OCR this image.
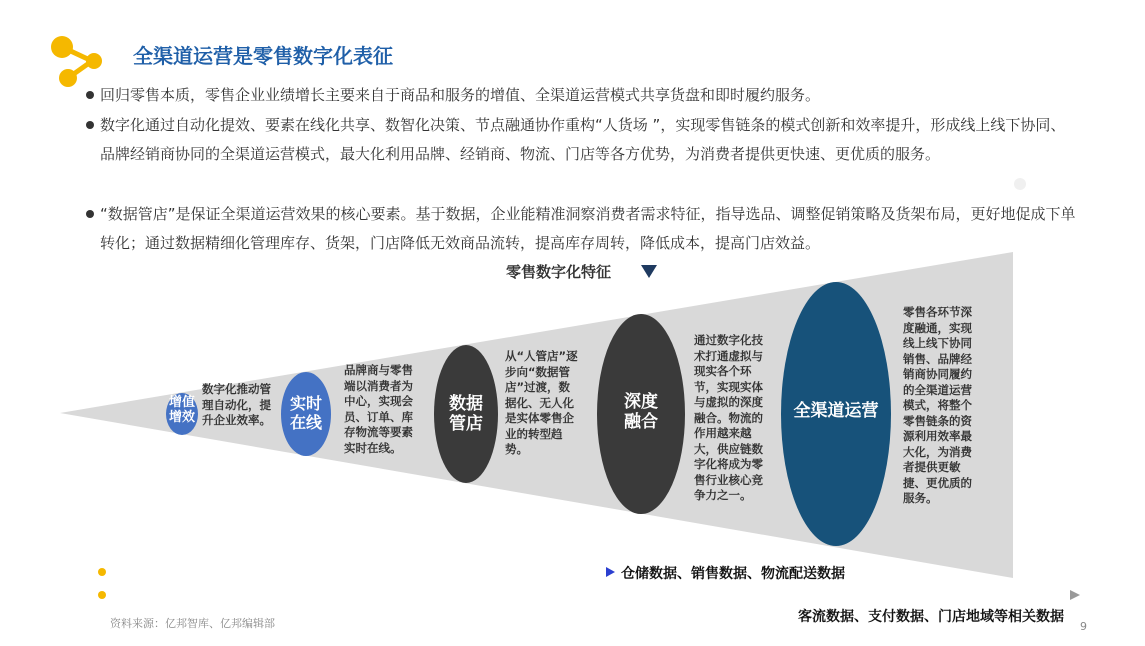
全渠道运营是零售数字化表征
回归零售本质，零售企业业绩增长主要来自于商品和服务的增值、全渠道运营模式共享货盘和即时履约服务。
数字化通过自动化提效、要素在线化共享、数智化决策、节点融通协作重构“人货场 ”，实现零售链条的模式创新和效率提升，形成线上线下协同、品牌经销商协同的全渠道运营模式，最大化利用品牌、经销商、物流、门店等各方优势，为消费者提供更快速、更优质的服务。
“数据管店”是保证全渠道运营效果的核心要素。基于数据，企业能精准洞察消费者需求特征，指导选品、调整促销策略及货架布局，更好地促成下单转化；通过数据精细化管理库存、货架，门店降低无效商品流转，提高库存周转，降低成本，提高门店效益。
零售数字化特征
增值
增效
实时
在线
数据
管店
深度
融合
全渠道运营
数字化推动管理自动化，提升企业效率。
品牌商与零售端以消费者为中心，实现会员、订单、库存物流等要素实时在线。
从“人管店”逐步向“数据管店”过渡，数据化、无人化是实体零售企业的转型趋势。
通过数字化技术打通虚拟与现实各个环节，实现实体与虚拟的深度融合。物流的作用越来越大，供应链数字化将成为零售行业核心竞争力之一。
零售各环节深度融通，实现线上线下协同销售、品牌经销商协同履约的全渠道运营模式，将整个零售链条的资源利用效率最大化，为消费者提供更敏捷、更优质的服务。
仓储数据、销售数据、物流配送数据
客流数据、支付数据、门店地域等相关数据
资料来源：亿邦智库、亿邦编辑部	9
